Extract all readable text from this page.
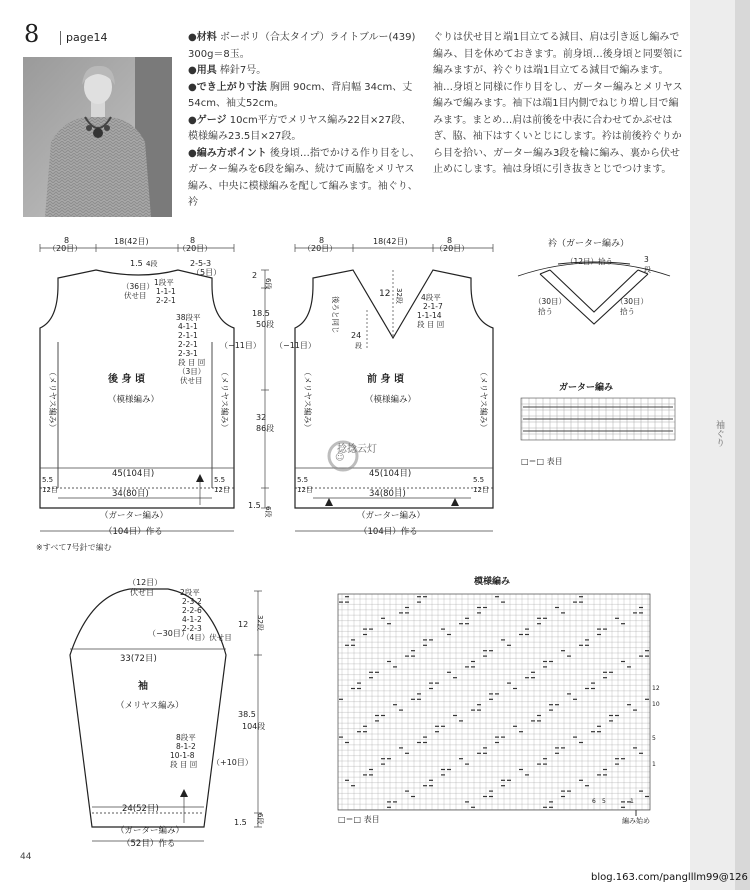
8 page14	●材料 ボーポリ（合太タイプ）ライトブルー(439) 300g＝8玉。

●用具 棒針7号。

●でき上がり寸法 胸囲 90cm、背肩幅 34cm、丈54cm、袖丈52cm。

●ゲージ 10cm平方でメリヤス編み22目×27段、模様編み23.5目×27段。

●編み方ポイント 後身頃…指でかける作り目をし、ガーター編みを6段を編み、続けて両脇をメリヤス編み、中央に模様編みを配して編みます。袖ぐり、衿

ぐりは伏せ目と端1目立てる減目、肩は引き返し編みで編み、目を休めておきます。前身頃…後身頃と同要領に編みますが、衿ぐりは端1目立てる減目で編みます。袖…身頃と同様に作り目をし、ガーター編みとメリヤス編みで編みます。袖下は端1目内側でねじり増し目で編みます。まとめ…肩は前後を中表に合わせてかぶせはぎ、脇、袖下はすくいとじにします。衿は前後衿ぐりから目を拾い、ガーター編み3段を輪に編み、裏から伏せ止めにします。袖は身頃に引き抜きとじでつけます。

袖ぐり
8
（20目）
18(42目)	8
（20目）
2-5-3
（5目）
1.5 4段
（36目）
伏せ目
1段平
1-1-1
2-2-1
38段平
4-1-1
2-1-1
2-2-1
2-3-1
段 目 回
（3目）
伏せ目
（−11目）
後 身 頃
（模様編み）
（メリヤス編み）	（メリヤス編み）
45(104目)
34(80目)
5.5
12目
5.5
12目
（ガーター編み）
（104目）作る
2
6段
18.5
50段
32
86段
1.5
6段
☺
捻捻云灯
8
（20目）
18(42目)	8
（20目）
12 32段 4段平
2-1-7
1-1-14
段 目 回
後ろと同じ
24
段
（−11目）
前 身 頃
（模様編み）
（メリヤス編み）	（メリヤス編み）
45(104目)
34(80目)
5.5
12目
5.5
12目
（ガーター編み）
（104目）作る
衿（ガーター編み）
（12目）拾う	3
段
（30目）
拾う
（30目）
拾う
ガーター編み
□＝□ 表目
（12目）
伏せ目	2段平
2-3-2
2-2-6
4-1-2
2-2-3
（4目）伏せ目
（−30目）
12 32段
33(72目)
袖
（メリヤス編み）
38.5
104段
8段平
8-1-2
10-1-8
段 目 回 （+10目）
24(52目)
（ガーター編み）
（52目）作る
1.5 6段
模様編み
12
10
5
1
6 5	1
□＝□ 表目	編み始め
※すべて7号針で編む
44
blog.163.com/panglllm99@126
